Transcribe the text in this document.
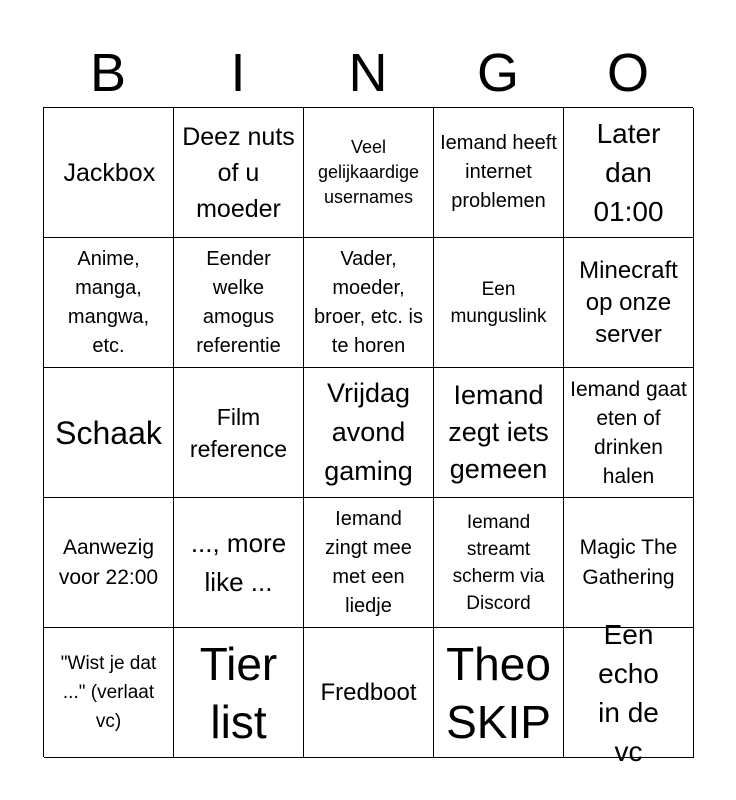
B	I	N	G	O
Jackbox
Deez nuts of u moeder
Veel gelijkaardige usernames
Iemand heeft internet problemen
Later dan 01:00
Anime, manga, mangwa, etc.
Eender welke amogus referentie
Vader, moeder, broer, etc. is te horen
Een munguslink
Minecraft op onze server
Schaak	Film reference
Vrijdag avond gaming
Iemand zegt iets gemeen
Iemand gaat eten of drinken halen
Aanwezig voor 22:00
..., more like ...
Iemand zingt mee met een liedje
Iemand streamt scherm via Discord
Magic The Gathering
"Wist je dat ..." (verlaat vc)
Tier list
Fredboot
Theo SKIP
Een echo in de vc
